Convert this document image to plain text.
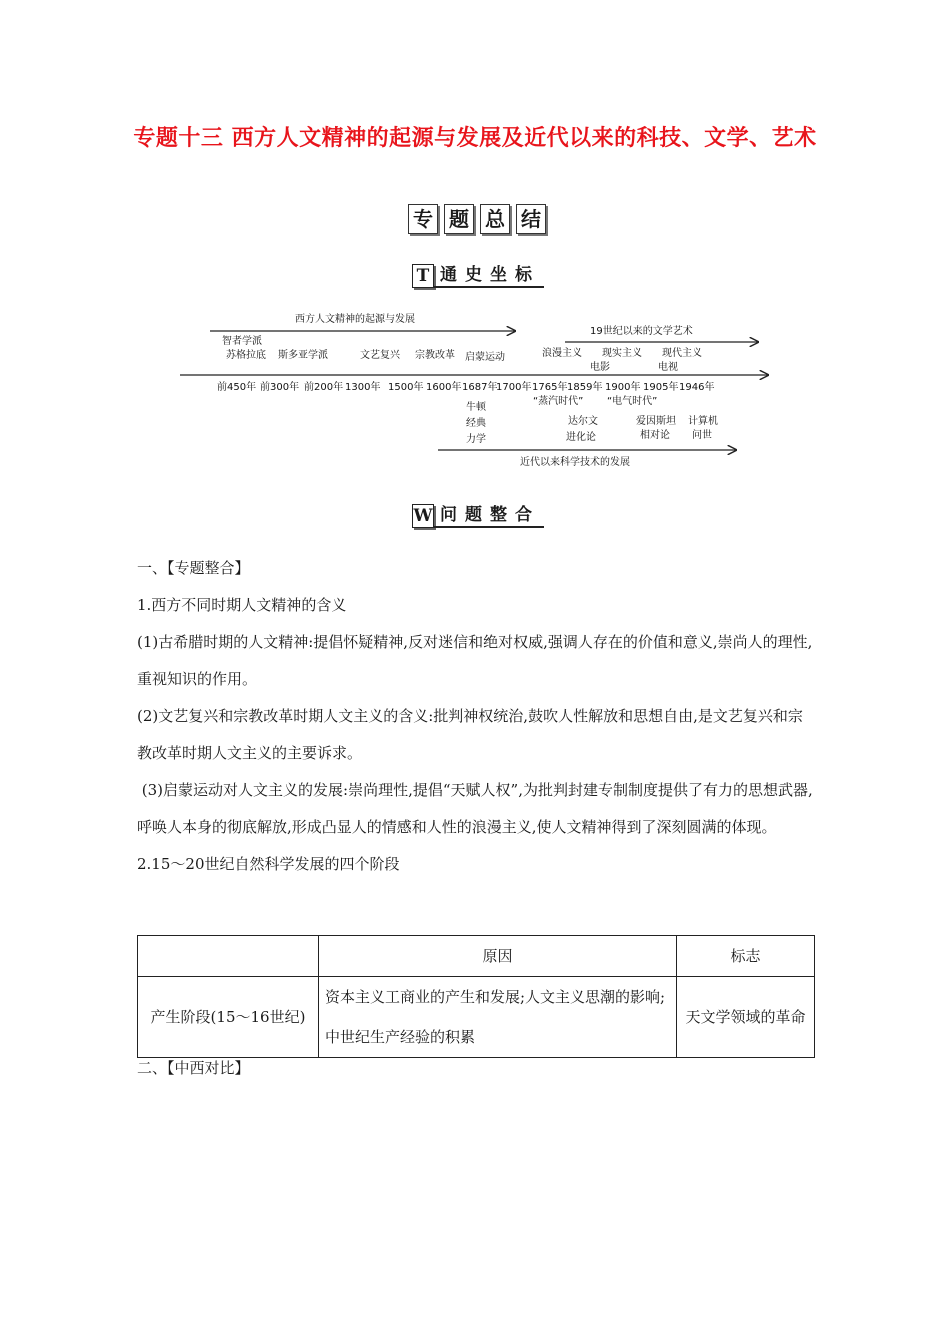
专题十三 西方人文精神的起源与发展及近代以来的科技、文学、艺术
专 题 总 结
T 通史坐标
西方人文精神的起源与发展
19世纪以来的文学艺术
智者学派
苏格拉底 斯多亚学派	文艺复兴 宗教改革 启蒙运动	浪漫主义 现实主义
电影
现代主义
电视
前450年 前300年 前200年 1300年 1500年 1600年 1687年
1700年 1765年 1859年 1900年 1905年 1946年
牛顿
经典
力学
“蒸汽时代” “电气时代”
达尔文
进化论
爱因斯坦
相对论
计算机
问世
近代以来科学技术的发展
W 问题整合

一、【专题整合】

1.西方不同时期人文精神的含义

(1)古希腊时期的人文精神:提倡怀疑精神,反对迷信和绝对权威,强调人存在的价值和意义,崇尚人的理性,重视知识的作用。

(2)文艺复兴和宗教改革时期人文主义的含义:批判神权统治,鼓吹人性解放和思想自由,是文艺复兴和宗教改革时期人文主义的主要诉求。

(3)启蒙运动对人文主义的发展:崇尚理性,提倡“天赋人权”,为批判封建专制制度提供了有力的思想武器,呼唤人本身的彻底解放,形成凸显人的情感和人性的浪漫主义,使人文精神得到了深刻圆满的体现。

2.15～20世纪自然科学发展的四个阶段

	原因	标志
产生阶段(15～16世纪)	资本主义工商业的产生和发展;人文主义思潮的影响;中世纪生产经验的积累	天文学领域的革命
二、【中西对比】
